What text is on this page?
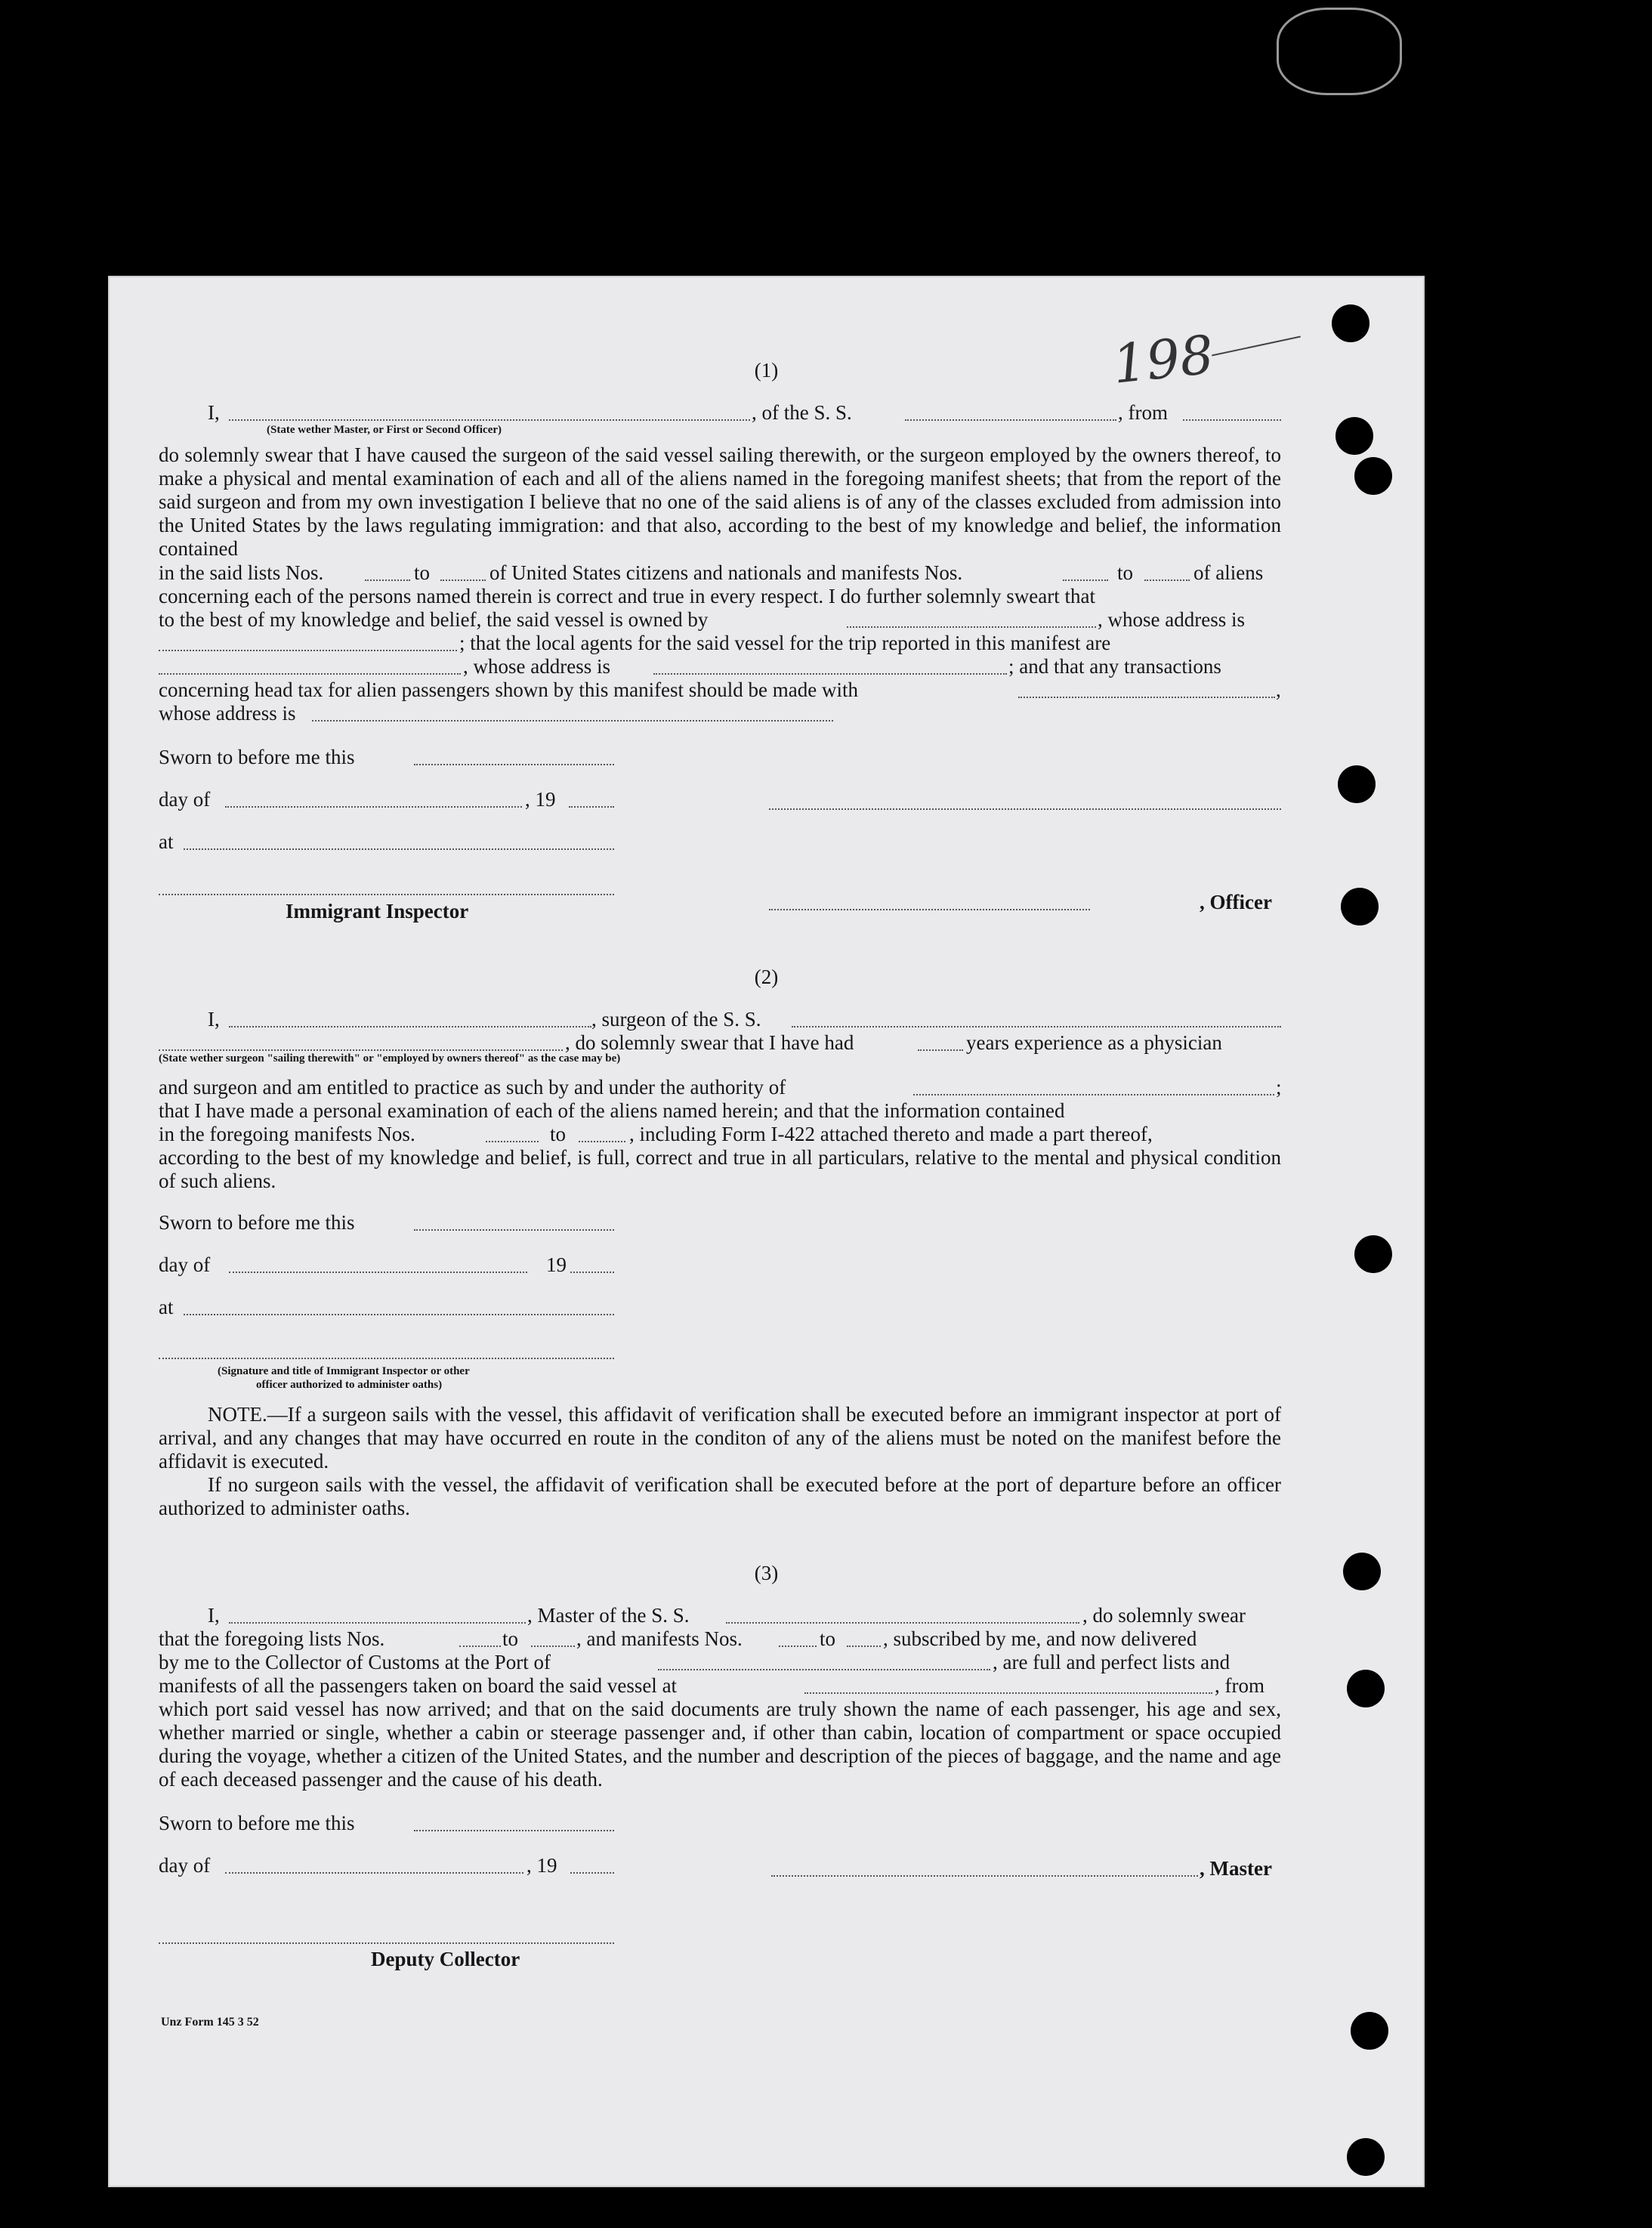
198
(1)
I,	, of the S. S.	, from
(State wether Master, or First or Second Officer)
do solemnly swear that I have caused the surgeon of the said vessel sailing therewith, or the surgeon employed by the owners thereof, to make a physical and mental examination of each and all of the aliens named in the foregoing manifest sheets; that from the report of the said surgeon and from my own investigation I believe that no one of the said aliens is of any of the classes excluded from admission into the United States by the laws regulating immigration: and that also, according to the best of my knowledge and belief, the information contained
in the said lists Nos.	to	of United States citizens and nationals and manifests Nos.	to	of aliens
concerning each of the persons named therein is correct and true in every respect. I do further solemnly sweart that
to the best of my knowledge and belief, the said vessel is owned by	, whose address is
; that the local agents for the said vessel for the trip reported in this manifest are
, whose address is	; and that any transactions
concerning head tax for alien passengers shown by this manifest should be made with	,
whose address is
Sworn to before me this
day of	, 19
at
Immigrant Inspector	, Officer
(2)
I,	, surgeon of the S. S.
, do solemnly swear that I have had	years experience as a physician
(State wether surgeon "sailing therewith" or "employed by owners thereof" as the case may be)
and surgeon and am entitled to practice as such by and under the authority of	;
that I have made a personal examination of each of the aliens named herein; and that the information contained
in the foregoing manifests Nos.	to	, including Form I-422 attached thereto and made a part thereof,
according to the best of my knowledge and belief, is full, correct and true in all particulars, relative to the mental and physical condition of such aliens.
Sworn to before me this
day of	19
at
(Signature and title of Immigrant Inspector or other
officer authorized to administer oaths)
NOTE.—If a surgeon sails with the vessel, this affidavit of verification shall be executed before an immigrant inspector at port of arrival, and any changes that may have occurred en route in the conditon of any of the aliens must be noted on the manifest before the affidavit is executed.
If no surgeon sails with the vessel, the affidavit of verification shall be executed before at the port of departure before an officer authorized to administer oaths.
(3)
I,	, Master of the S. S.	, do solemnly swear
that the foregoing lists Nos.	to	, and manifests Nos.	to , subscribed by me, and now delivered
by me to the Collector of Customs at the Port of	, are full and perfect lists and
manifests of all the passengers taken on board the said vessel at	, from
which port said vessel has now arrived; and that on the said documents are truly shown the name of each passenger, his age and sex, whether married or single, whether a cabin or steerage passenger and, if other than cabin, location of compartment or space occupied during the voyage, whether a citizen of the United States, and the number and description of the pieces of baggage, and the name and age of each deceased passenger and the cause of his death.
Sworn to before me this
day of	, 19	, Master
Deputy Collector
Unz Form 145 3 52
